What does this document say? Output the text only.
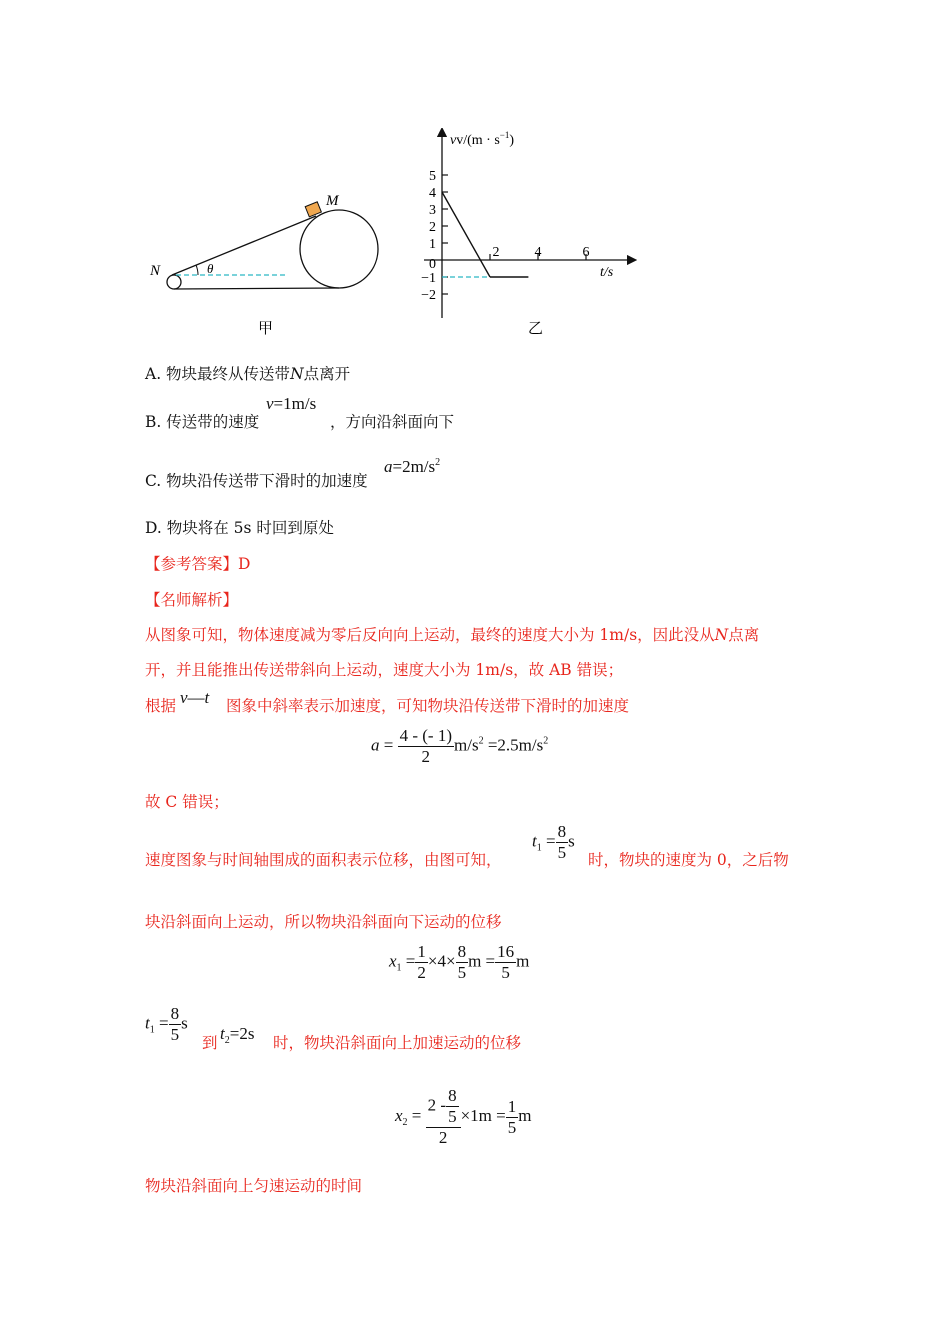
N
M
θ
甲
5
4
3
2
1
−1
−2
2	4	6
$vv/(m \cdot s^{-1})$
t/s
0
乙
A. 物块最终从传送带N点离开
B. 传送带的速度
v=1m/s
，方向沿斜面向下
C. 物块沿传送带下滑时的加速度
$a=2m/s^2$
D. 物块将在 5s 时回到原处
【参考答案】D
【名师解析】
从图象可知，物体速度减为零后反向向上运动，最终的速度大小为 1m/s，因此没从N点离
开，并且能推出传送带斜向上运动，速度大小为 1m/s，故 AB 错误；
根据 v—t 图象中斜率表示加速度，可知物块沿传送带下滑时的加速度
$a = \frac{4 - (- 1)}{2} m/s^2 =2.5m/s^2$
故 C 错误；
速度图象与时间轴围成的面积表示位移，由图可知，
$t_1 = \frac{8}{5}$ s
时，物块的速度为 0，之后物
块沿斜面向上运动，所以物块沿斜面向下运动的位移
$x_1 = \frac{1}{2} \times 4\times \frac{8}{5}$ $m = \frac{16}{5}$ m
$t_1 = \frac{8}{5}$ s
到 $t_2=2s$ 时，物块沿斜面向上加速运动的位移
$x_2 = \frac{2 - \frac{8}{5}}{2} \times 1m = \frac{1}{5}$ m
物块沿斜面向上匀速运动的时间
